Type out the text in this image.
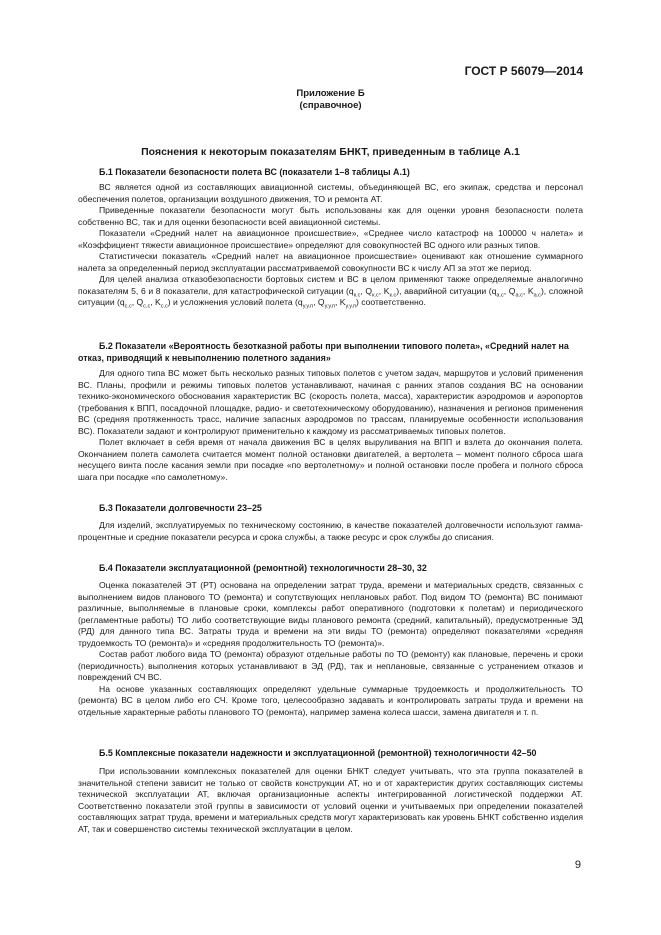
ГОСТ Р 56079—2014
Приложение Б
(справочное)
Пояснения к некоторым показателям БНКТ, приведенным в таблице А.1
Б.1 Показатели безопасности полета ВС (показатели 1–8 таблицы А.1)

ВС является одной из составляющих авиационной системы, объединяющей ВС, его экипаж, средства и персонал обеспечения полетов, организации воздушного движения, ТО и ремонта АТ.

Приведенные показатели безопасности могут быть использованы как для оценки уровня безопасности полета собственно ВС, так и для оценки безопасности всей авиационной системы.

Показатели «Средний налет на авиационное происшествие», «Среднее число катастроф на 100000 ч налета» и «Коэффициент тяжести авиационное происшествие» определяют для совокупностей ВС одного или разных типов.

Статистически показатель «Средний налет на авиационное происшествие» оценивают как отношение суммарного налета за определенный период эксплуатации рассматриваемой совокупности ВС к числу АП за этот же период.

Для целей анализа отказобезопасности бортовых систем и ВС в целом применяют также определяемые аналогично показателям 5, 6 и 8 показатели, для катастрофической ситуации ($q_{к.с}$, $Q_{к.с}$, $K_{к.с}$), аварийной ситуации ($q_{а.с}$, $Q_{а.с}$, $K_{а.с}$), сложной ситуации ($q_{с.с}$, $Q_{с.с}$, $K_{с.с}$) и усложнения условий полета ($q_{у.у.п}$, $Q_{у.у.п}$, $K_{у.у.п}$) соответственно.

Б.2 Показатели «Вероятность безотказной работы при выполнении типового полета», «Средний налет на отказ, приводящий к невыполнению полетного задания»

Для одного типа ВС может быть несколько разных типовых полетов с учетом задач, маршрутов и условий применения ВС. Планы, профили и режимы типовых полетов устанавливают, начиная с ранних этапов создания ВС на основании технико-экономического обоснования характеристик ВС (скорость полета, масса), характеристик аэродромов и аэропортов (требования к ВПП, посадочной площадке, радио- и светотехническому оборудованию), назначения и регионов применения ВС (средняя протяженность трасс, наличие запасных аэродромов по трассам, планируемые особенности использования ВС). Показатели задают и контролируют применительно к каждому из рассматриваемых типовых полетов.

Полет включает в себя время от начала движения ВС в целях выруливания на ВПП и взлета до окончания полета. Окончанием полета самолета считается момент полной остановки двигателей, а вертолета – момент полного сброса шага несущего винта после касания земли при посадке «по вертолетному» и полной остановки после пробега и полного сброса шага при посадке «по самолетному».

Б.3 Показатели долговечности 23–25

Для изделий, эксплуатируемых по техническому состоянию, в качестве показателей долговечности используют гамма-процентные и средние показатели ресурса и срока службы, а также ресурс и срок службы до списания.

Б.4 Показатели эксплуатационной (ремонтной) технологичности 28–30, 32

Оценка показателей ЭТ (РТ) основана на определении затрат труда, времени и материальных средств, связанных с выполнением видов планового ТО (ремонта) и сопутствующих неплановых работ. Под видом ТО (ремонта) ВС понимают различные, выполняемые в плановые сроки, комплексы работ оперативного (подготовки к полетам) и периодического (регламентные работы) ТО либо соответствующие виды планового ремонта (средний, капитальный), предусмотренные ЭД (РД) для данного типа ВС. Затраты труда и времени на эти виды ТО (ремонта) определяют показателями «средняя трудоемкость ТО (ремонта)» и «средняя продолжительность ТО (ремонта)».

Состав работ любого вида ТО (ремонта) образуют отдельные работы по ТО (ремонту) как плановые, перечень и сроки (периодичность) выполнения которых устанавливают в ЭД (РД), так и неплановые, связанные с устранением отказов и повреждений СЧ ВС.

На основе указанных составляющих определяют удельные суммарные трудоемкость и продолжительность ТО (ремонта) ВС в целом либо его СЧ. Кроме того, целесообразно задавать и контролировать затраты труда и времени на отдельные характерные работы планового ТО (ремонта), например замена колеса шасси, замена двигателя и т. п.

Б.5 Комплексные показатели надежности и эксплуатационной (ремонтной) технологичности 42–50

При использовании комплексных показателей для оценки БНКТ следует учитывать, что эта группа показателей в значительной степени зависит не только от свойств конструкции АТ, но и от характеристик других составляющих системы технической эксплуатации АТ, включая организационные аспекты интегрированной логистической поддержки АТ. Соответственно показатели этой группы в зависимости от условий оценки и учитываемых при определении показателей составляющих затрат труда, времени и материальных средств могут характеризовать как уровень БНКТ собственно изделия АТ, так и совершенство системы технической эксплуатации в целом.

9
